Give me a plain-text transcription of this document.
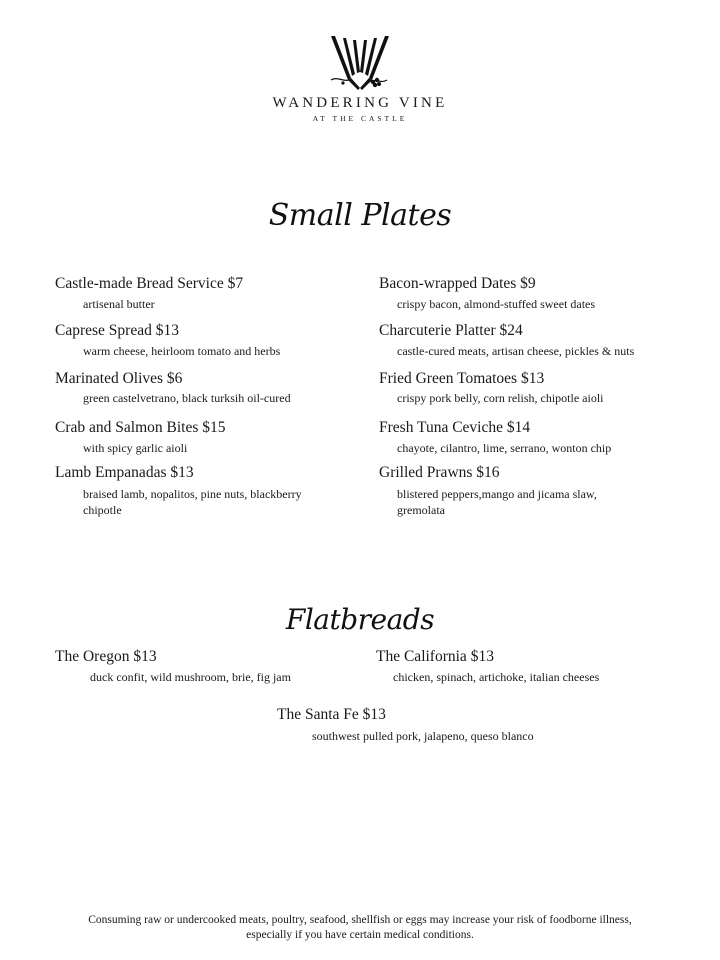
WANDERING VINE
AT THE CASTLE
Small Plates
Castle-made Bread Service $7
artisenal butter
Caprese Spread $13
warm cheese, heirloom tomato and herbs
Marinated Olives $6
green castelvetrano, black turksih oil-cured
Crab and Salmon Bites $15
with spicy garlic aioli
Lamb Empanadas $13
braised lamb, nopalitos, pine nuts, blackberry chipotle
Bacon-wrapped Dates $9
crispy bacon, almond-stuffed sweet dates
Charcuterie Platter $24
castle-cured meats, artisan cheese, pickles & nuts
Fried Green Tomatoes $13
crispy pork belly, corn relish, chipotle aioli
Fresh Tuna Ceviche $14
chayote, cilantro, lime, serrano, wonton chip
Grilled Prawns $16
blistered peppers,mango and jicama slaw, gremolata
Flatbreads
The Oregon $13
duck confit, wild mushroom, brie, fig jam
The California $13
chicken, spinach, artichoke, italian cheeses
The Santa Fe $13
southwest pulled pork, jalapeno, queso blanco
Consuming raw or undercooked meats, poultry, seafood, shellfish or eggs may increase your risk of foodborne illness,
especially if you have certain medical conditions.
